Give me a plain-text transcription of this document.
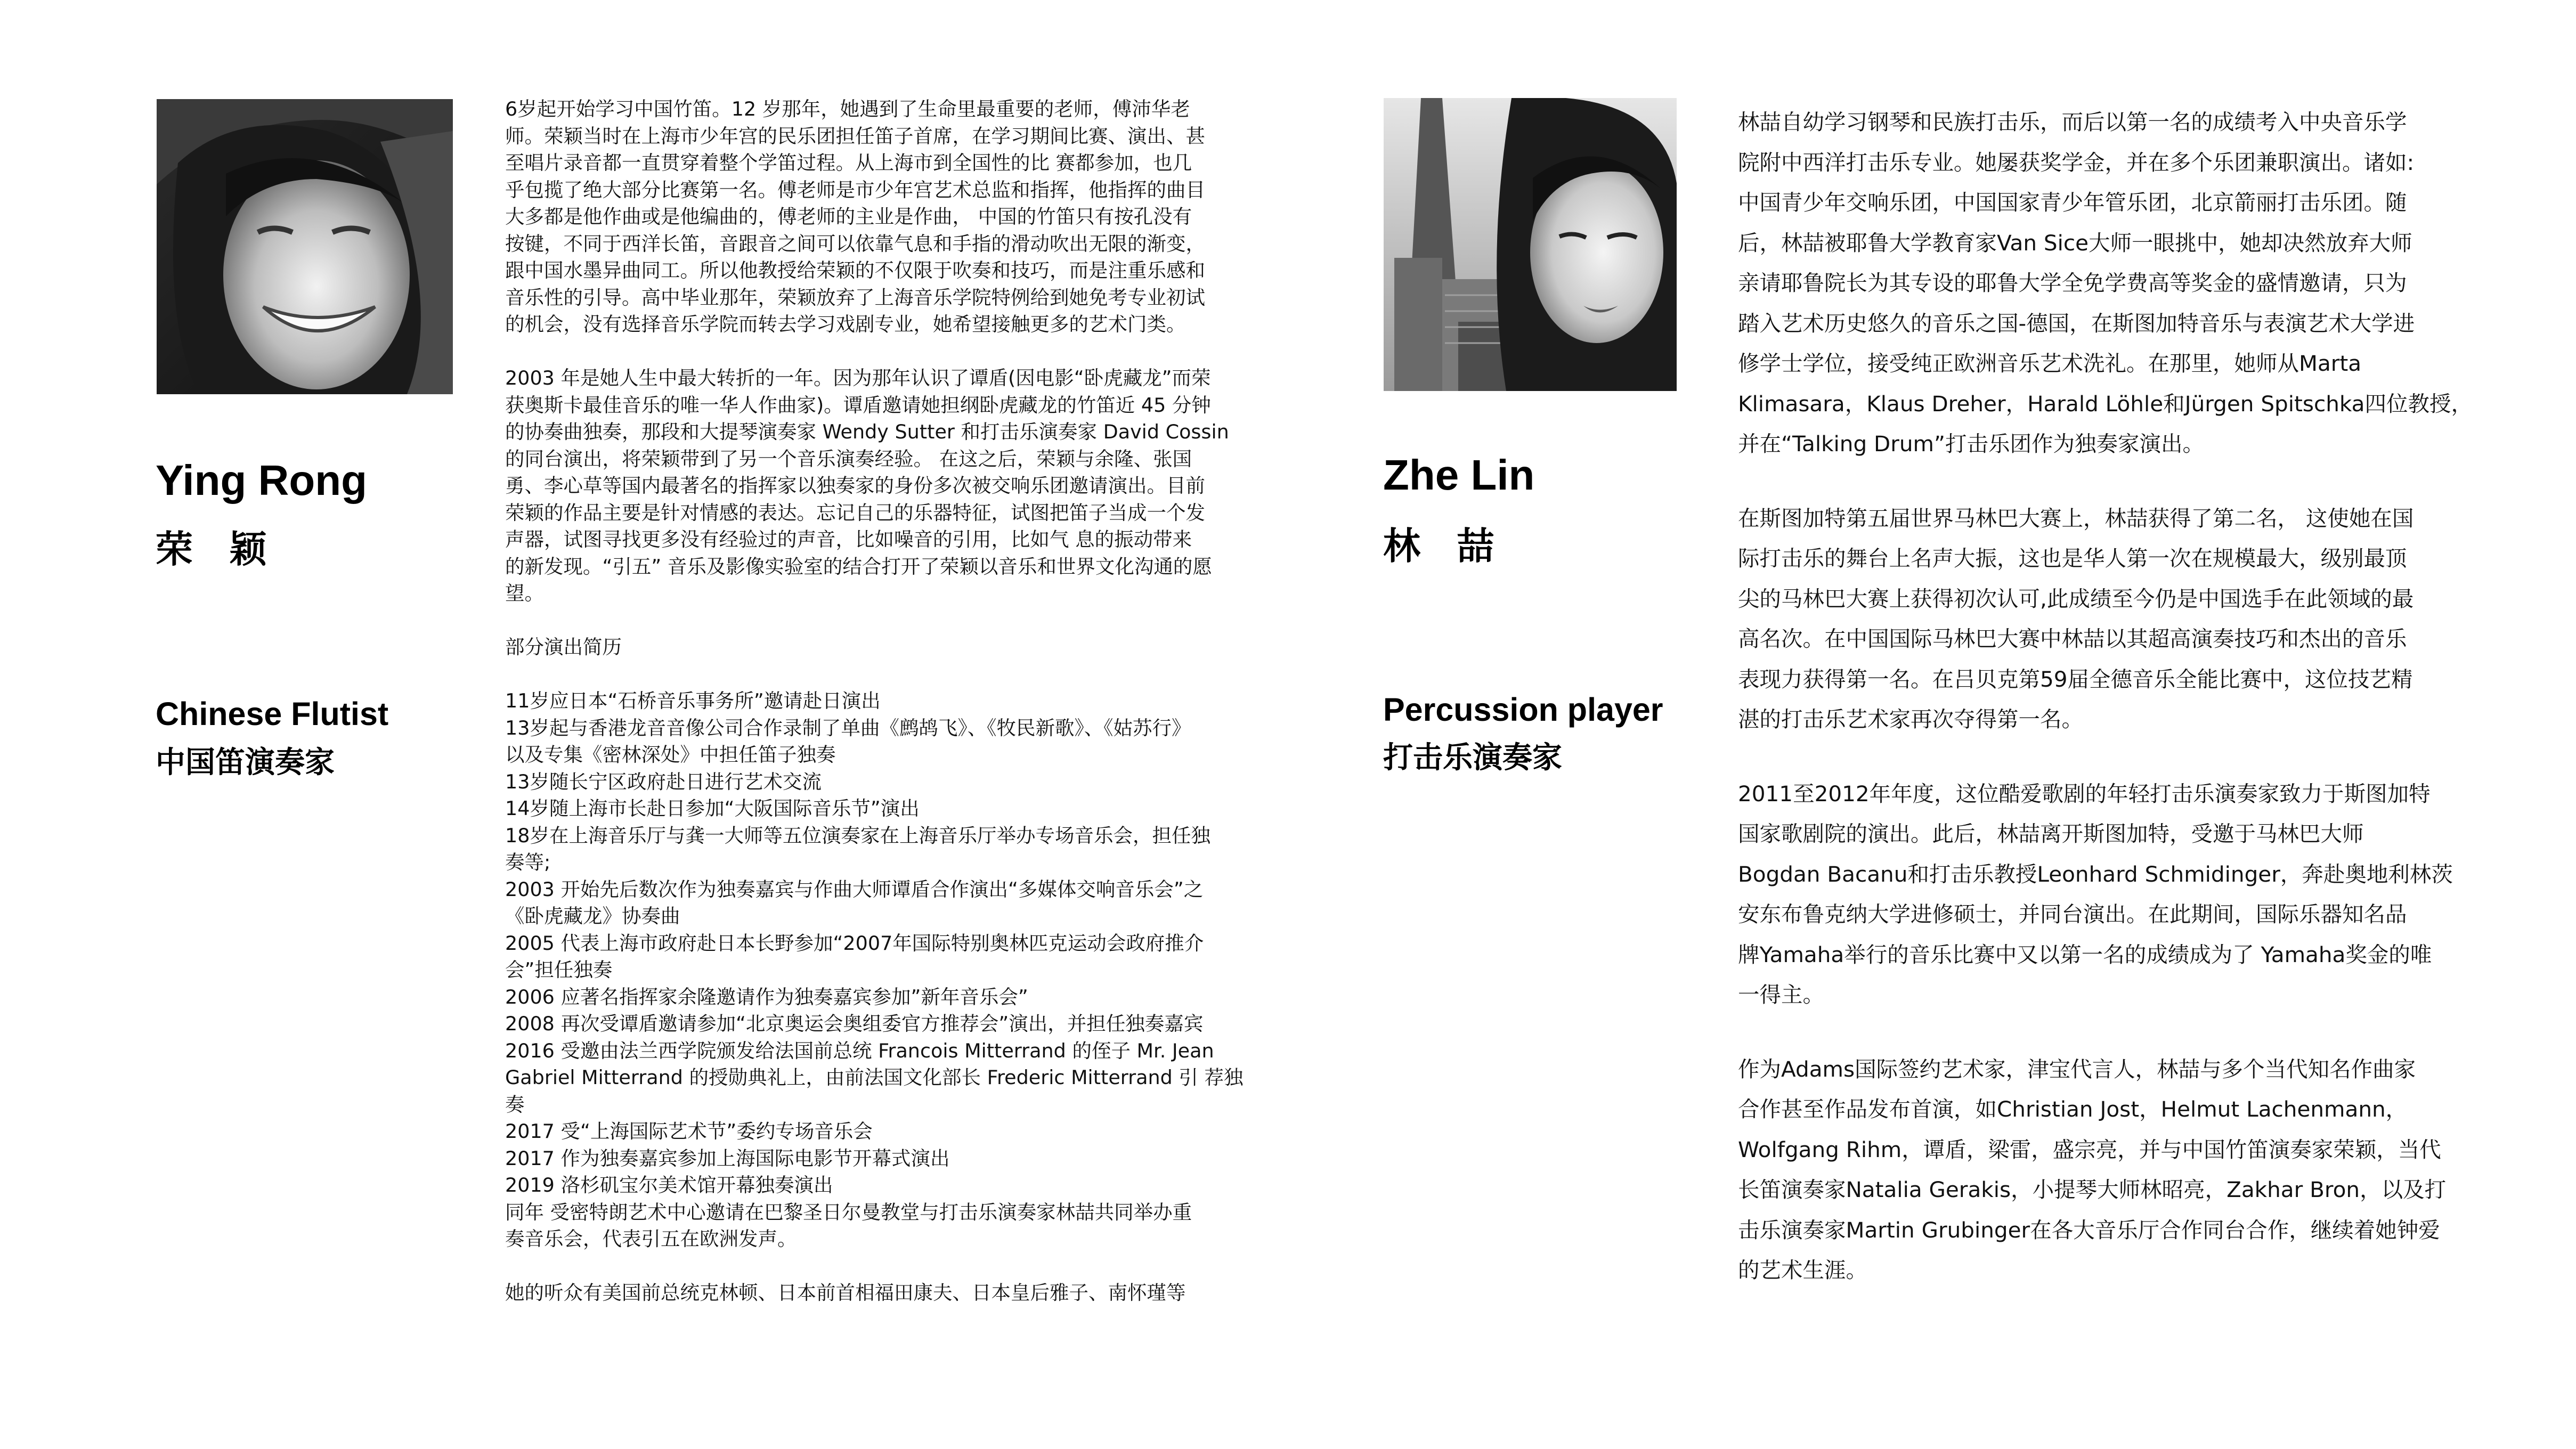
Ying Rong
荣 颖
Chinese Flutist
中国笛演奏家

6岁起开始学习中国竹笛。12 岁那年，她遇到了生命里最重要的老师，傅沛华老

师。荣颖当时在上海市少年宫的民乐团担任笛子首席，在学习期间比赛、演出、甚

至唱片录音都一直贯穿着整个学笛过程。从上海市到全国性的比 赛都参加，也几

乎包揽了绝大部分比赛第一名。傅老师是市少年宫艺术总监和指挥，他指挥的曲目

大多都是他作曲或是他编曲的，傅老师的主业是作曲， 中国的竹笛只有按孔没有

按键，不同于西洋长笛，音跟音之间可以依靠气息和手指的滑动吹出无限的渐变，

跟中国水墨异曲同工。所以他教授给荣颖的不仅限于吹奏和技巧，而是注重乐感和

音乐性的引导。高中毕业那年，荣颖放弃了上海音乐学院特例给到她免考专业初试

的机会，没有选择音乐学院而转去学习戏剧专业，她希望接触更多的艺术门类。

2003 年是她人生中最大转折的一年。因为那年认识了谭盾(因电影“卧虎藏龙”而荣

获奥斯卡最佳音乐的唯一华人作曲家)。谭盾邀请她担纲卧虎藏龙的竹笛近 45 分钟

的协奏曲独奏，那段和大提琴演奏家 Wendy Sutter 和打击乐演奏家 David Cossin

的同台演出，将荣颖带到了另一个音乐演奏经验。 在这之后，荣颖与余隆、张国

勇、李心草等国内最著名的指挥家以独奏家的身份多次被交响乐团邀请演出。目前

荣颖的作品主要是针对情感的表达。忘记自己的乐器特征，试图把笛子当成一个发

声器，试图寻找更多没有经验过的声音，比如噪音的引用，比如气 息的振动带来

的新发现。“引五” 音乐及影像实验室的结合打开了荣颖以音乐和世界文化沟通的愿

望。

部分演出简历

11岁应日本“石桥音乐事务所”邀请赴日演出

13岁起与香港龙音音像公司合作录制了单曲《鹧鸪飞》、《牧民新歌》、《姑苏行》

以及专集《密林深处》中担任笛子独奏

13岁随长宁区政府赴日进行艺术交流

14岁随上海市长赴日参加“大阪国际音乐节”演出

18岁在上海音乐厅与龚一大师等五位演奏家在上海音乐厅举办专场音乐会，担任独

奏等;

2003 开始先后数次作为独奏嘉宾与作曲大师谭盾合作演出“多媒体交响音乐会”之

《卧虎藏龙》协奏曲

2005 代表上海市政府赴日本长野参加“2007年国际特别奥林匹克运动会政府推介

会”担任独奏

2006 应著名指挥家余隆邀请作为独奏嘉宾参加”新年音乐会”

2008 再次受谭盾邀请参加“北京奥运会奥组委官方推荐会”演出，并担任独奏嘉宾

2016 受邀由法兰西学院颁发给法国前总统 Francois Mitterrand 的侄子 Mr. Jean

Gabriel Mitterrand 的授勋典礼上，由前法国文化部长 Frederic Mitterrand 引 荐独

奏

2017 受“上海国际艺术节”委约专场音乐会

2017 作为独奏嘉宾参加上海国际电影节开幕式演出

2019 洛杉矶宝尔美术馆开幕独奏演出

同年 受密特朗艺术中心邀请在巴黎圣日尔曼教堂与打击乐演奏家林喆共同举办重

奏音乐会，代表引五在欧洲发声。

她的听众有美国前总统克林顿、日本前首相福田康夫、日本皇后雅子、南怀瑾等

Zhe Lin
林 喆
Percussion player
打击乐演奏家

林喆自幼学习钢琴和民族打击乐，而后以第一名的成绩考入中央音乐学
院附中西洋打击乐专业。她屡获奖学金，并在多个乐团兼职演出。诸如:
中国青少年交响乐团，中国国家青少年管乐团，北京箭丽打击乐团。随
后，林喆被耶鲁大学教育家Van Sice大师一眼挑中，她却决然放弃大师
亲请耶鲁院长为其专设的耶鲁大学全免学费高等奖金的盛情邀请，只为
踏入艺术历史悠久的音乐之国-德国，在斯图加特音乐与表演艺术大学进
修学士学位，接受纯正欧洲音乐艺术洗礼。在那里，她师从Marta
Klimasara，Klaus Dreher，Harald Löhle和Jürgen Spitschka四位教授，
并在“Talking Drum”打击乐团作为独奏家演出。

在斯图加特第五届世界马林巴大赛上，林喆获得了第二名， 这使她在国
际打击乐的舞台上名声大振，这也是华人第一次在规模最大，级别最顶
尖的马林巴大赛上获得初次认可,此成绩至今仍是中国选手在此领域的最
高名次。在中国国际马林巴大赛中林喆以其超高演奏技巧和杰出的音乐
表现力获得第一名。在吕贝克第59届全德音乐全能比赛中，这位技艺精
湛的打击乐艺术家再次夺得第一名。

2011至2012年年度，这位酷爱歌剧的年轻打击乐演奏家致力于斯图加特
国家歌剧院的演出。此后，林喆离开斯图加特，受邀于马林巴大师
Bogdan Bacanu和打击乐教授Leonhard Schmidinger，奔赴奥地利林茨
安东布鲁克纳大学进修硕士，并同台演出。在此期间，国际乐器知名品
牌Yamaha举行的音乐比赛中又以第一名的成绩成为了 Yamaha奖金的唯
一得主。

作为Adams国际签约艺术家，津宝代言人，林喆与多个当代知名作曲家
合作甚至作品发布首演，如Christian Jost，Helmut Lachenmann，
Wolfgang Rihm，谭盾，梁雷，盛宗亮，并与中国竹笛演奏家荣颖，当代
长笛演奏家Natalia Gerakis，小提琴大师林昭亮，Zakhar Bron，以及打
击乐演奏家Martin Grubinger在各大音乐厅合作同台合作，继续着她钟爱
的艺术生涯。
